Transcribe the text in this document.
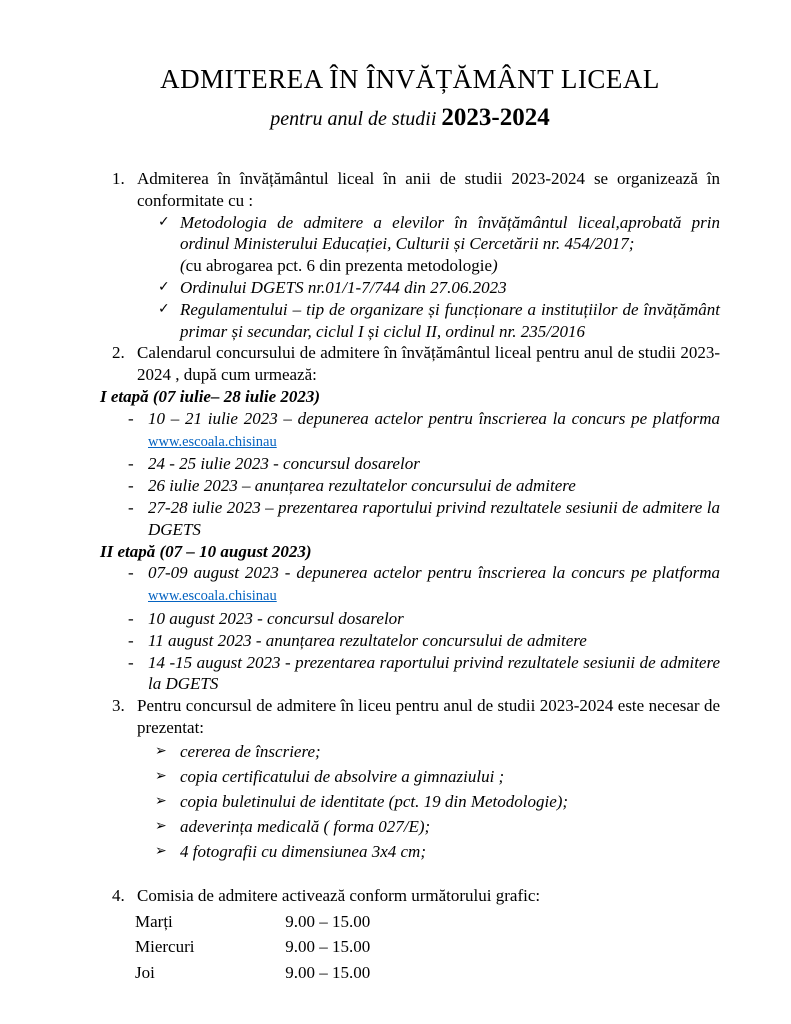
ADMITEREA ÎN ÎNVĂȚĂMÂNT LICEAL
pentru anul de studii 2023-2024
1. Admiterea în învățământul liceal în anii de studii 2023-2024 se organizează în conformitate cu :
✓ Metodologia de admitere a elevilor în învățământul liceal,aprobată prin ordinul Ministerului Educației, Culturii și Cercetării nr. 454/2017;
(cu abrogarea pct. 6 din prezenta metodologie)
✓ Ordinului DGETS nr.01/1-7/744 din 27.06.2023
✓ Regulamentului – tip de organizare și funcționare a instituțiilor de învățământ primar și secundar, ciclul I și ciclul II, ordinul nr. 235/2016
2. Calendarul concursului de admitere în învățământul liceal pentru anul de studii 2023-2024 , după cum urmează:
I etapă (07 iulie– 28 iulie 2023)
- 10 – 21 iulie 2023 – depunerea actelor pentru înscrierea la concurs pe platforma www.escoala.chisinau
- 24 - 25 iulie 2023 - concursul dosarelor
- 26 iulie 2023 – anunțarea rezultatelor concursului de admitere
- 27-28 iulie 2023 – prezentarea raportului privind rezultatele sesiunii de admitere la DGETS
II etapă (07 – 10 august 2023)
- 07-09 august 2023 - depunerea actelor pentru înscrierea la concurs pe platforma www.escoala.chisinau
- 10 august 2023 - concursul dosarelor
- 11 august 2023 - anunțarea rezultatelor concursului de admitere
- 14 -15 august 2023 - prezentarea raportului privind rezultatele sesiunii de admitere la DGETS
3. Pentru concursul de admitere în liceu pentru anul de studii 2023-2024 este necesar de prezentat:
➢ cererea de înscriere;
➢ copia certificatului de absolvire a gimnaziului ;
➢ copia buletinului de identitate (pct. 19 din Metodologie);
➢ adeverința medicală ( forma 027/E);
➢ 4 fotografii cu dimensiunea 3x4 cm;
4. Comisia de admitere activează conform următorului grafic:
Marți	9.00 – 15.00
Miercuri	9.00 – 15.00
Joi	9.00 – 15.00
